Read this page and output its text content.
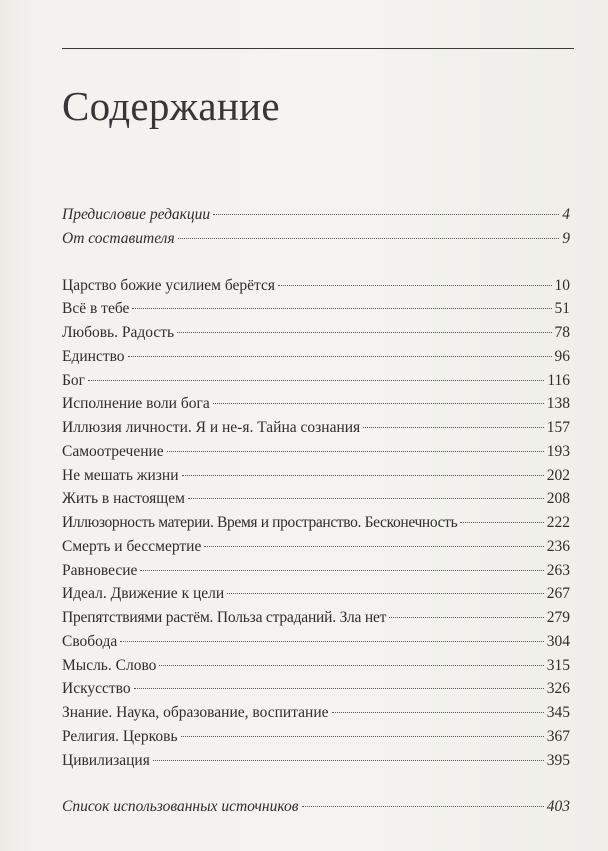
Содержание
Предисловие редакции	4
От составителя	9
Царство божие усилием берётся	10
Всё в тебе	51
Любовь. Радость	78
Единство	96
Бог	116
Исполнение воли бога	138
Иллюзия личности. Я и не-я. Тайна сознания	157
Самоотречение	193
Не мешать жизни	202
Жить в настоящем	208
Иллюзорность материи. Время и пространство. Бесконечность	222
Смерть и бессмертие	236
Равновесие	263
Идеал. Движение к цели	267
Препятствиями растём. Польза страданий. Зла нет	279
Свобода	304
Мысль. Слово	315
Искусство	326
Знание. Наука, образование, воспитание	345
Религия. Церковь	367
Цивилизация	395
Список использованных источников	403
